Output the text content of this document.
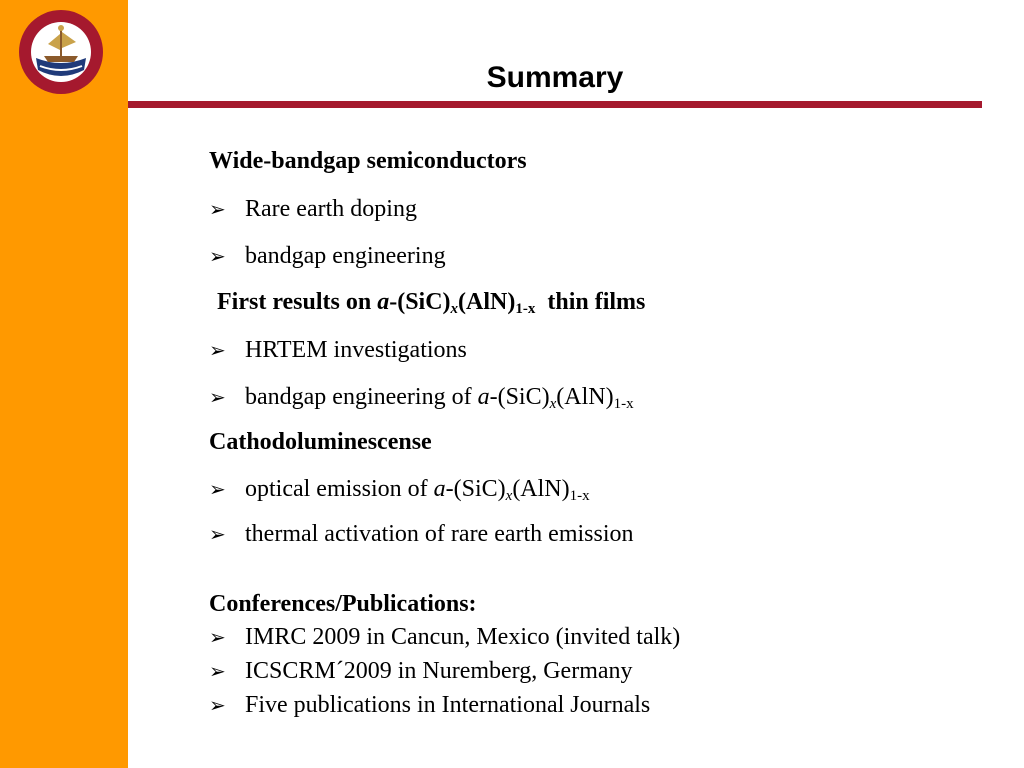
Summary
Wide-bandgap semiconductors
➢ Rare earth doping
➢ bandgap engineering
First results on $a-(SiC)_x(AlN)_{1-x}$  thin films
➢ HRTEM investigations
➢ bandgap engineering of $a-(SiC)_x(AlN)_{1-x}$
Cathodoluminescense
➢ optical emission of $a-(SiC)_x(AlN)_{1-x}$
➢ thermal activation of rare earth emission
Conferences/Publications:
➢ IMRC 2009 in Cancun, Mexico (invited talk)
➢ ICSCRM´2009 in Nuremberg, Germany
➢ Five publications in International Journals
